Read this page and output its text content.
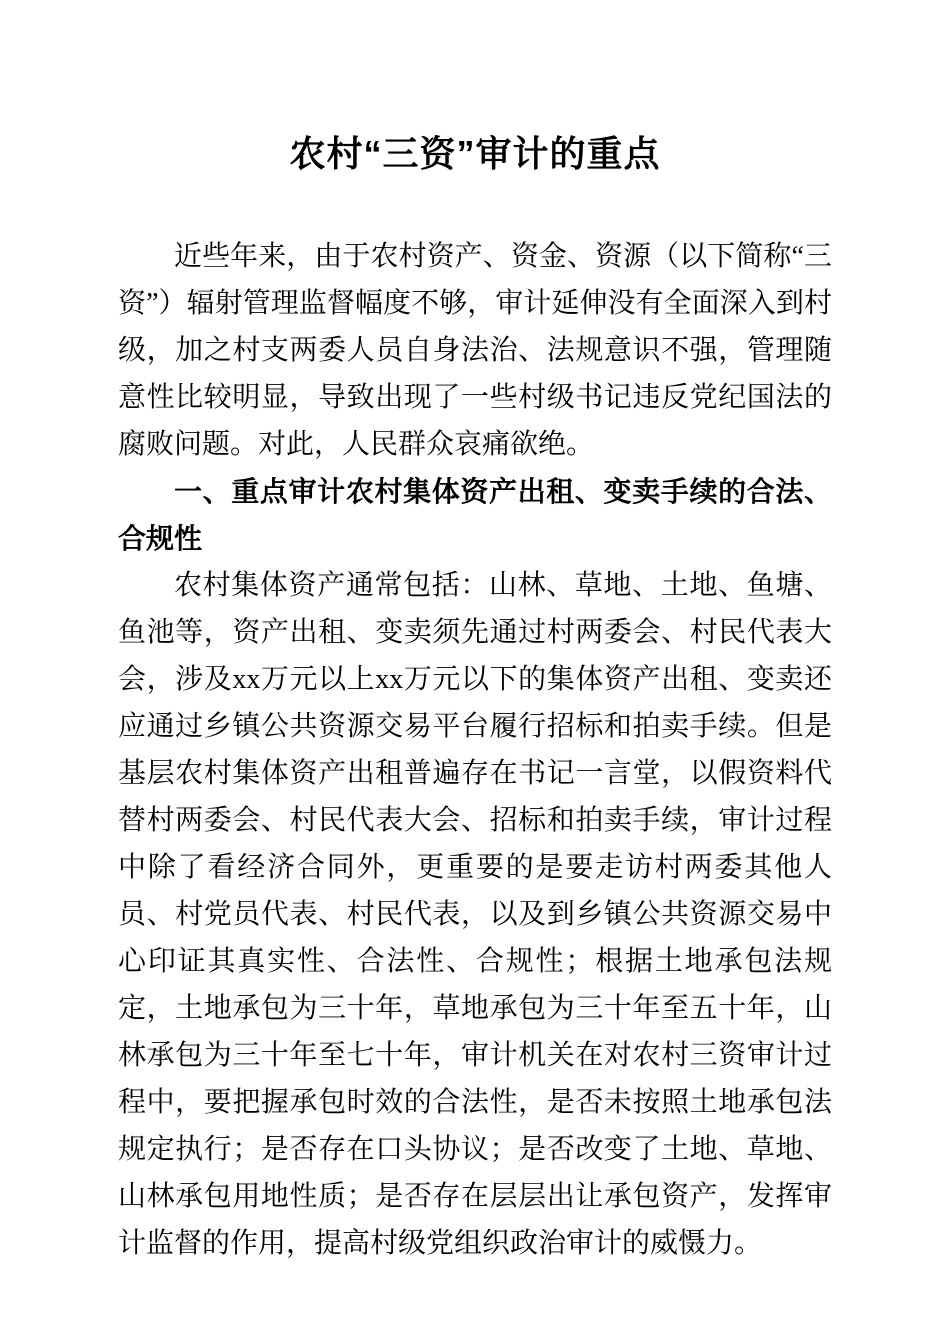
农村“三资”审计的重点

近些年来，由于农村资产、资金、资源（以下简称“三资”）辐射管理监督幅度不够，审计延伸没有全面深入到村级，加之村支两委人员自身法治、法规意识不强，管理随意性比较明显，导致出现了一些村级书记违反党纪国法的腐败问题。对此，人民群众哀痛欲绝。

一、重点审计农村集体资产出租、变卖手续的合法、合规性

农村集体资产通常包括：山林、草地、土地、鱼塘、鱼池等，资产出租、变卖须先通过村两委会、村民代表大会，涉及xx万元以上xx万元以下的集体资产出租、变卖还应通过乡镇公共资源交易平台履行招标和拍卖手续。但是基层农村集体资产出租普遍存在书记一言堂，以假资料代替村两委会、村民代表大会、招标和拍卖手续，审计过程中除了看经济合同外，更重要的是要走访村两委其他人员、村党员代表、村民代表，以及到乡镇公共资源交易中心印证其真实性、合法性、合规性；根据土地承包法规定，土地承包为三十年，草地承包为三十年至五十年，山林承包为三十年至七十年，审计机关在对农村三资审计过程中，要把握承包时效的合法性，是否未按照土地承包法规定执行；是否存在口头协议；是否改变了土地、草地、山林承包用地性质；是否存在层层出让承包资产，发挥审计监督的作用，提高村级党组织政治审计的威慑力。
